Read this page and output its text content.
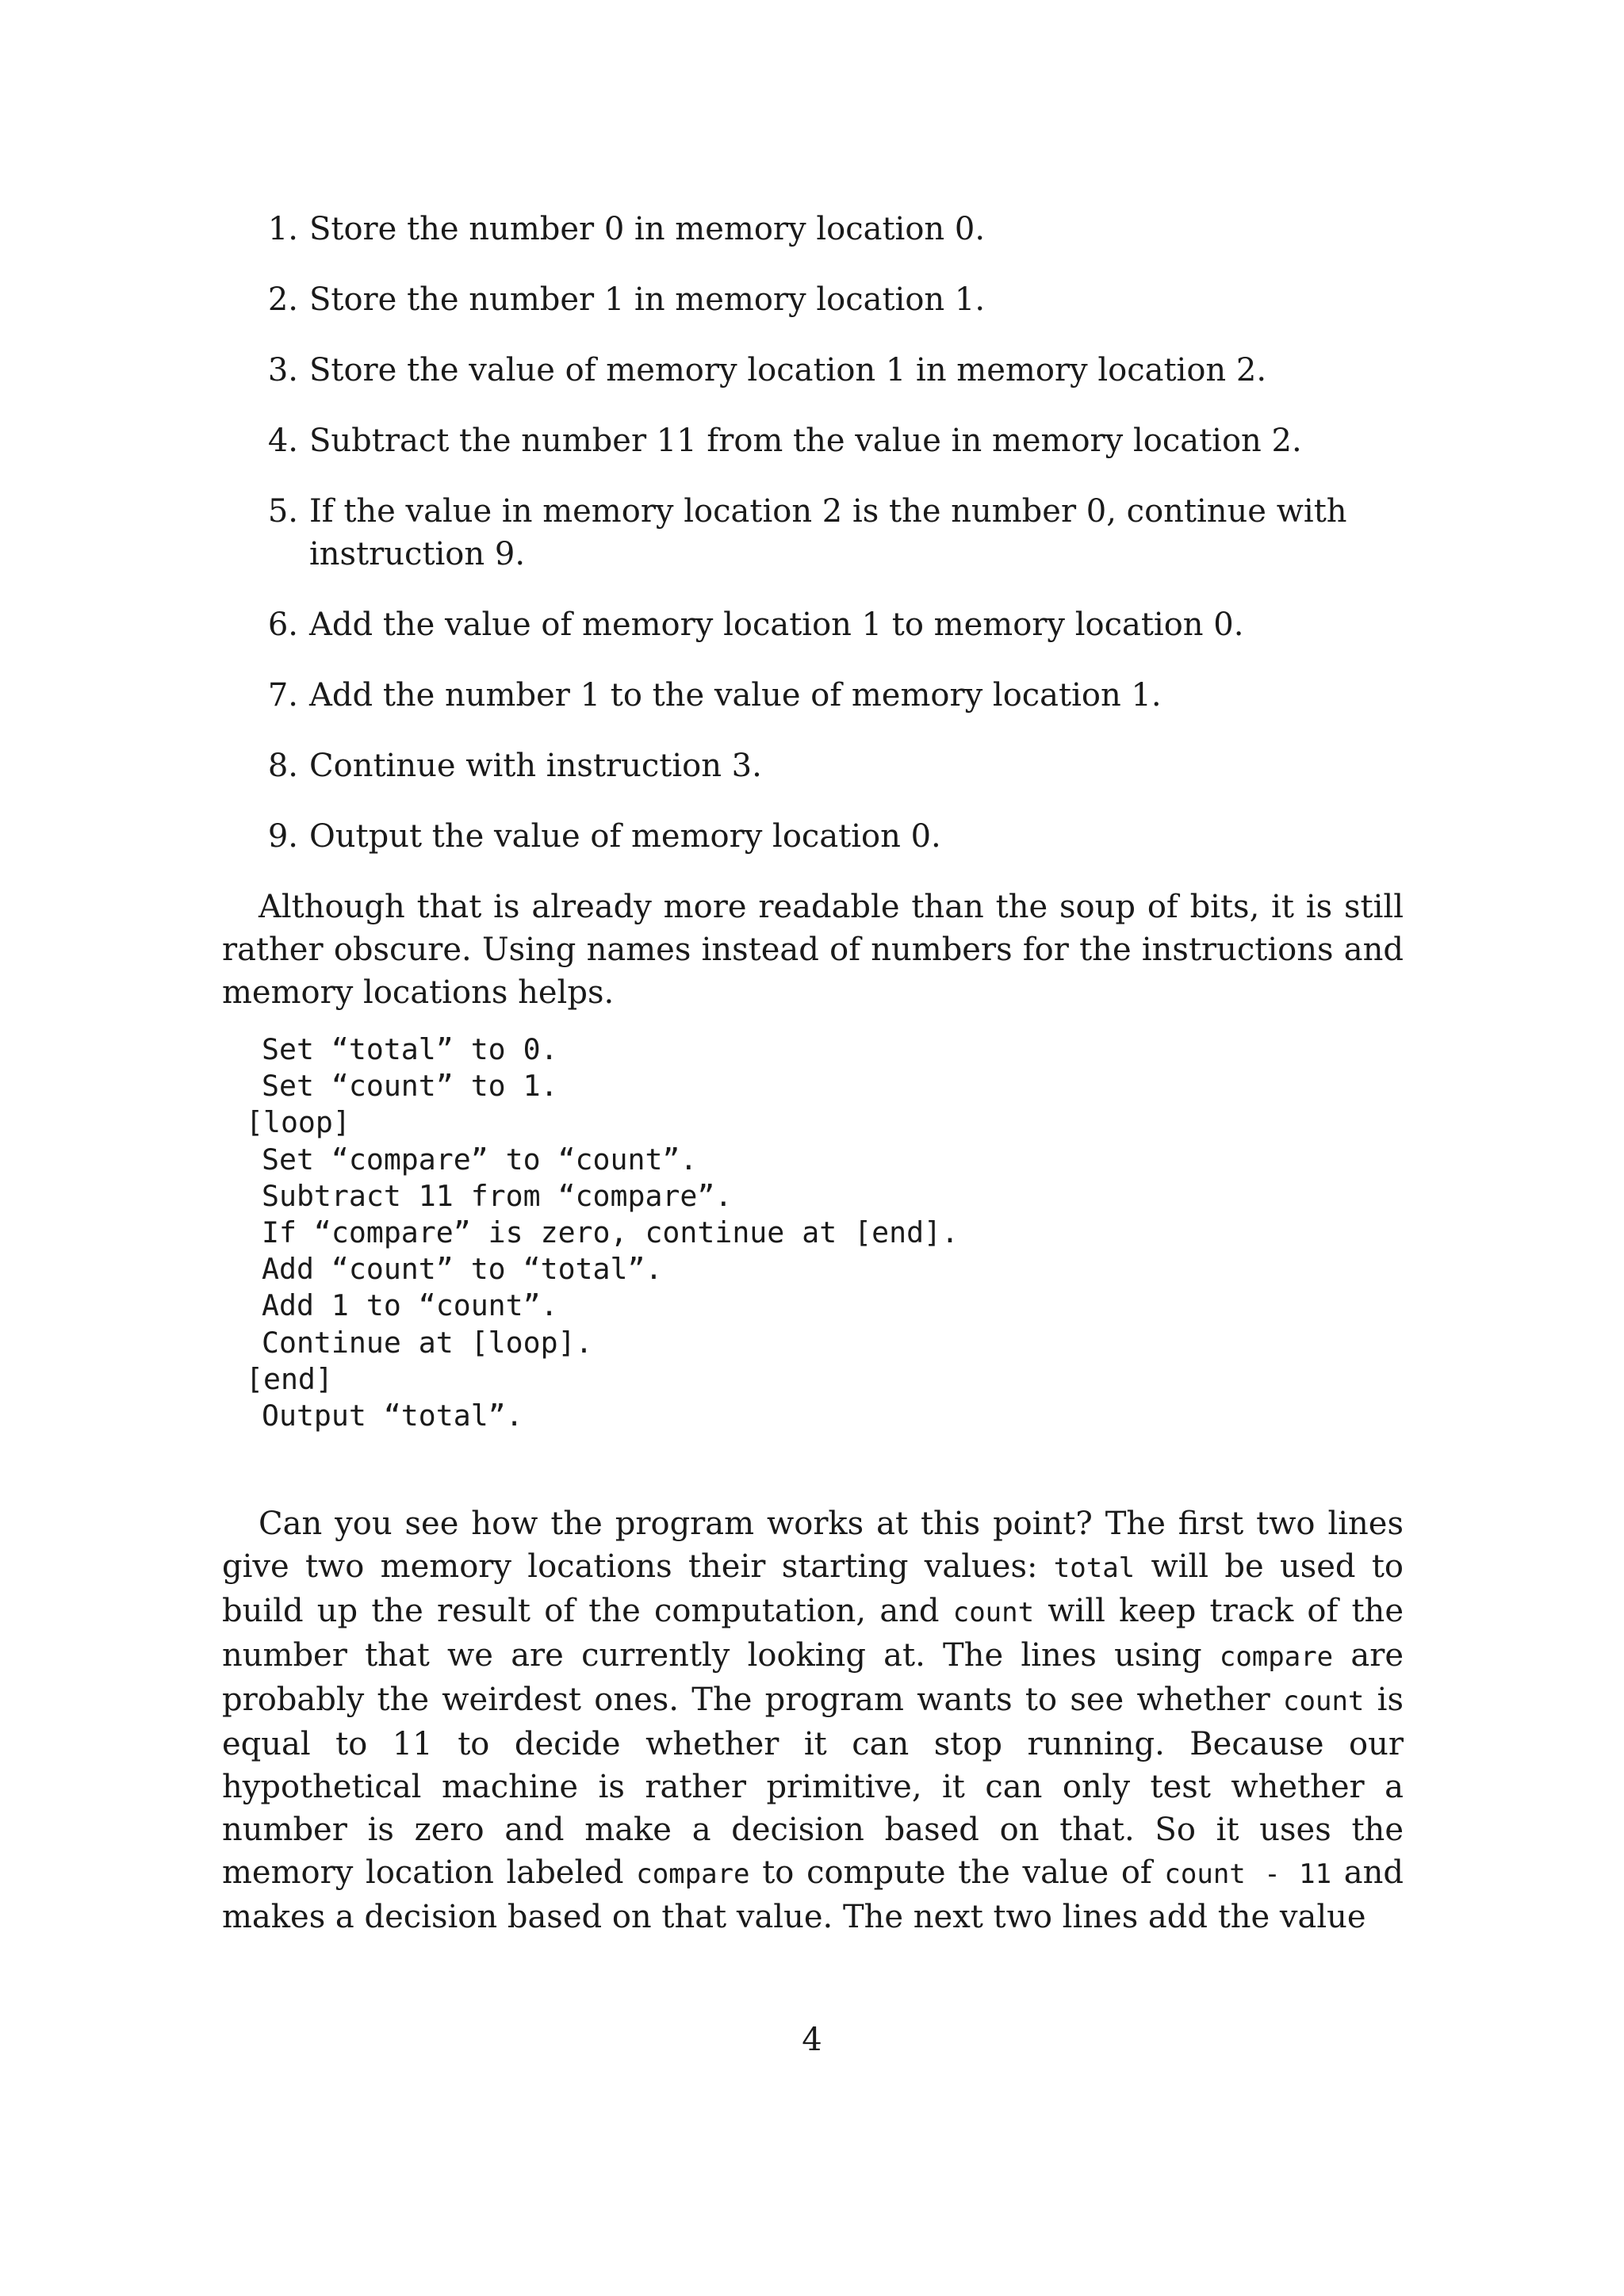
1. Store the number 0 in memory location 0.
2. Store the number 1 in memory location 1.
3. Store the value of memory location 1 in memory location 2.
4. Subtract the number 11 from the value in memory location 2.
5. If the value in memory location 2 is the number 0, continue with instruction 9.
6. Add the value of memory location 1 to memory location 0.
7. Add the number 1 to the value of memory location 1.
8. Continue with instruction 3.
9. Output the value of memory location 0.

Although that is already more readable than the soup of bits, it is still rather obscure. Using names instead of numbers for the instructions and memory locations helps.

Set “total” to 0.
Set “count” to 1.
[loop]
Set “compare” to “count”.
Subtract 11 from “compare”.
If “compare” is zero, continue at [end].
Add “count” to “total”.
Add 1 to “count”.
Continue at [loop].
[end]
Output “total”.

Can you see how the program works at this point? The first two lines give two memory locations their starting values: total will be used to build up the result of the computation, and count will keep track of the number that we are currently looking at. The lines using compare are probably the weirdest ones. The program wants to see whether count is equal to 11 to decide whether it can stop running. Because our hypothetical machine is rather primitive, it can only test whether a number is zero and make a decision based on that. So it uses the memory location labeled compare to compute the value of count - 11 and makes a decision based on that value. The next two lines add the value

4
